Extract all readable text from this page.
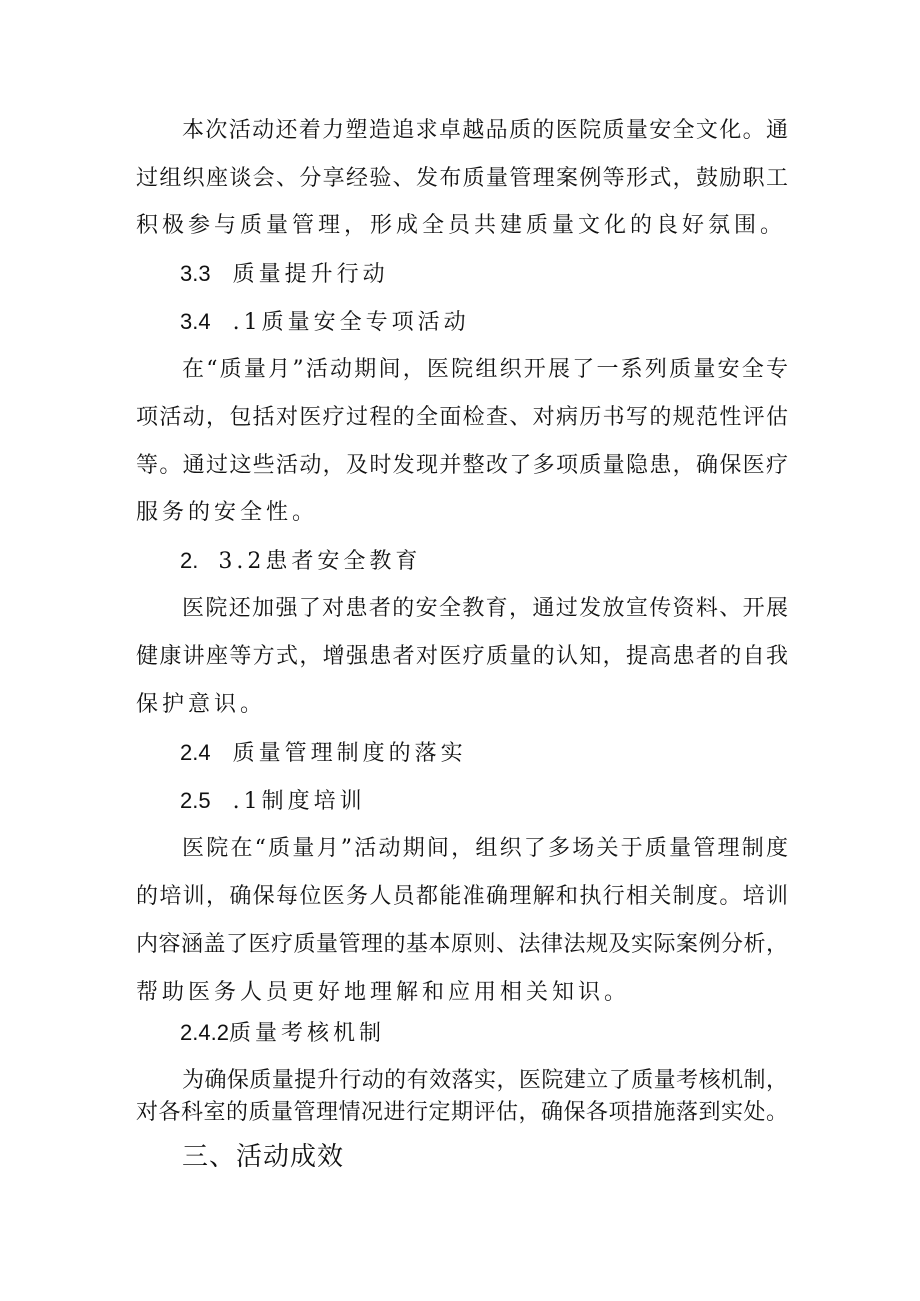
本次活动还着力塑造追求卓越品质的医院质量安全文化。通
过组织座谈会、分享经验、发布质量管理案例等形式，鼓励职工
积极参与质量管理，形成全员共建质量文化的良好氛围。
3.3 质量提升行动
3.4 .1质量安全专项活动
在“质量月”活动期间，医院组织开展了一系列质量安全专
项活动，包括对医疗过程的全面检查、对病历书写的规范性评估
等。通过这些活动，及时发现并整改了多项质量隐患，确保医疗
服务的安全性。
2. 3.2患者安全教育
医院还加强了对患者的安全教育，通过发放宣传资料、开展
健康讲座等方式，增强患者对医疗质量的认知，提高患者的自我
保护意识。
2.4 质量管理制度的落实
2.5 .1制度培训
医院在“质量月”活动期间，组织了多场关于质量管理制度
的培训，确保每位医务人员都能准确理解和执行相关制度。培训
内容涵盖了医疗质量管理的基本原则、法律法规及实际案例分析，
帮助医务人员更好地理解和应用相关知识。
2.4.2质量考核机制
为确保质量提升行动的有效落实，医院建立了质量考核机制，
对各科室的质量管理情况进行定期评估，确保各项措施落到实处。
三、活动成效
